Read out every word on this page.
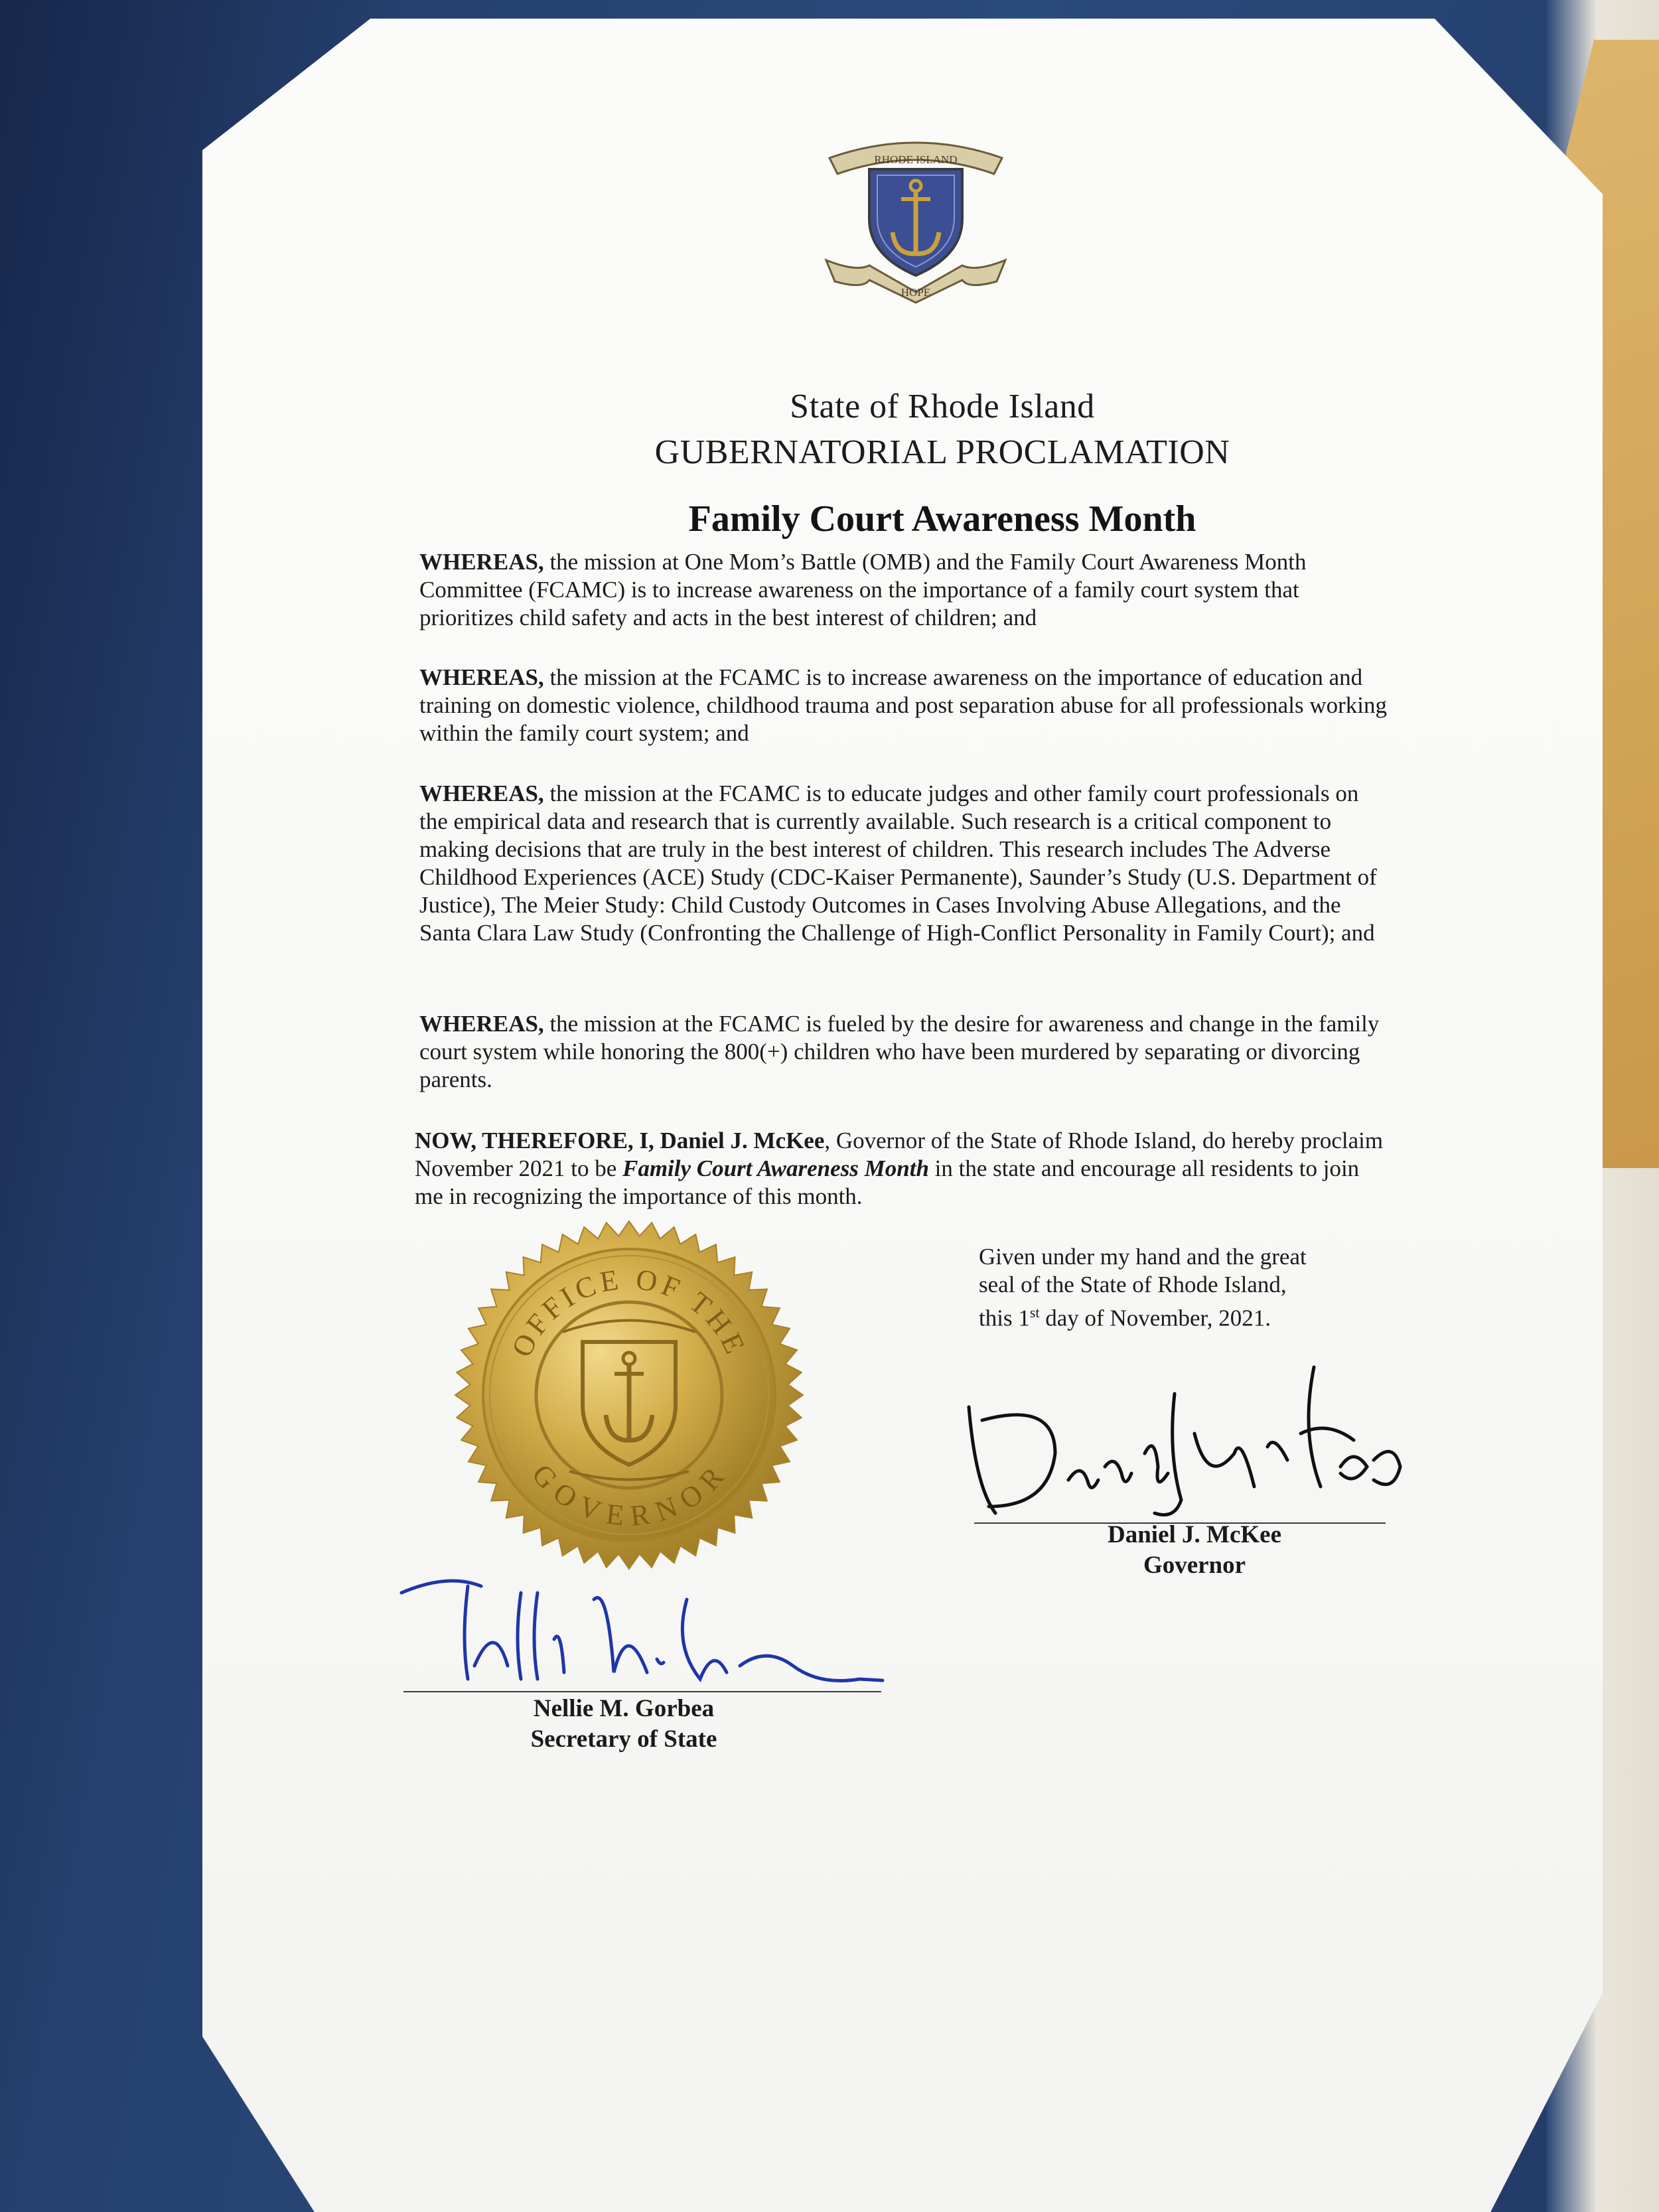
RHODE ISLAND
HOPE
State of Rhode Island
GUBERNATORIAL PROCLAMATION
Family Court Awareness Month
WHEREAS, the mission at One Mom’s Battle (OMB) and the Family Court Awareness Month Committee (FCAMC) is to increase awareness on the importance of a family court system that prioritizes child safety and acts in the best interest of children; and
WHEREAS, the mission at the FCAMC is to increase awareness on the importance of education and training on domestic violence, childhood trauma and post separation abuse for all professionals working within the family court system; and
WHEREAS, the mission at the FCAMC is to educate judges and other family court professionals on the empirical data and research that is currently available. Such research is a critical component to making decisions that are truly in the best interest of children. This research includes The Adverse Childhood Experiences (ACE) Study (CDC-Kaiser Permanente), Saunder’s Study (U.S. Department of Justice), The Meier Study: Child Custody Outcomes in Cases Involving Abuse Allegations, and the Santa Clara Law Study (Confronting the Challenge of High-Conflict Personality in Family Court); and
WHEREAS, the mission at the FCAMC is fueled by the desire for awareness and change in the family court system while honoring the 800(+) children who have been murdered by separating or divorcing parents.
NOW, THEREFORE, I, Daniel J. McKee, Governor of the State of Rhode Island, do hereby proclaim November 2021 to be Family Court Awareness Month in the state and encourage all residents to join me in recognizing the importance of this month.
Given under my hand and the great
seal of the State of Rhode Island,
this 1st day of November, 2021.
OFFICE OF THE
GOVERNOR
Daniel J. McKee
Governor
Nellie M. Gorbea
Secretary of State
